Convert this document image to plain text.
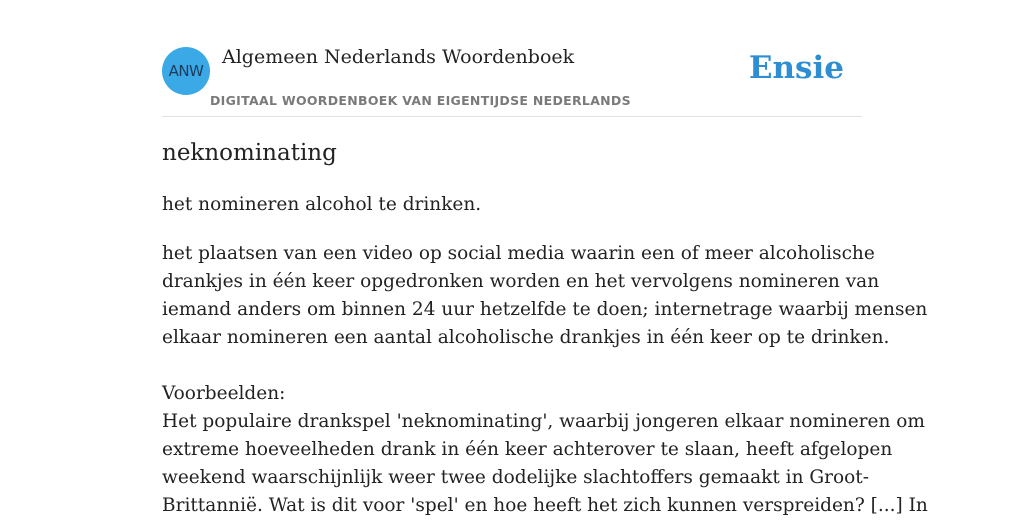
ANW
Algemeen Nederlands Woordenboek
DIGITAAL WOORDENBOEK VAN EIGENTIJDSE NEDERLANDS
Ensie
neknominating
het nomineren alcohol te drinken.
het plaatsen van een video op social media waarin een of meer alcoholische
drankjes in één keer opgedronken worden en het vervolgens nomineren van
iemand anders om binnen 24 uur hetzelfde te doen; internetrage waarbij mensen
elkaar nomineren een aantal alcoholische drankjes in één keer op te drinken.
Voorbeelden:
Het populaire drankspel 'neknominating', waarbij jongeren elkaar nomineren om
extreme hoeveelheden drank in één keer achterover te slaan, heeft afgelopen
weekend waarschijnlijk weer twee dodelijke slachtoffers gemaakt in Groot-
Brittannië. Wat is dit voor 'spel' en hoe heeft het zich kunnen verspreiden? [...] In
